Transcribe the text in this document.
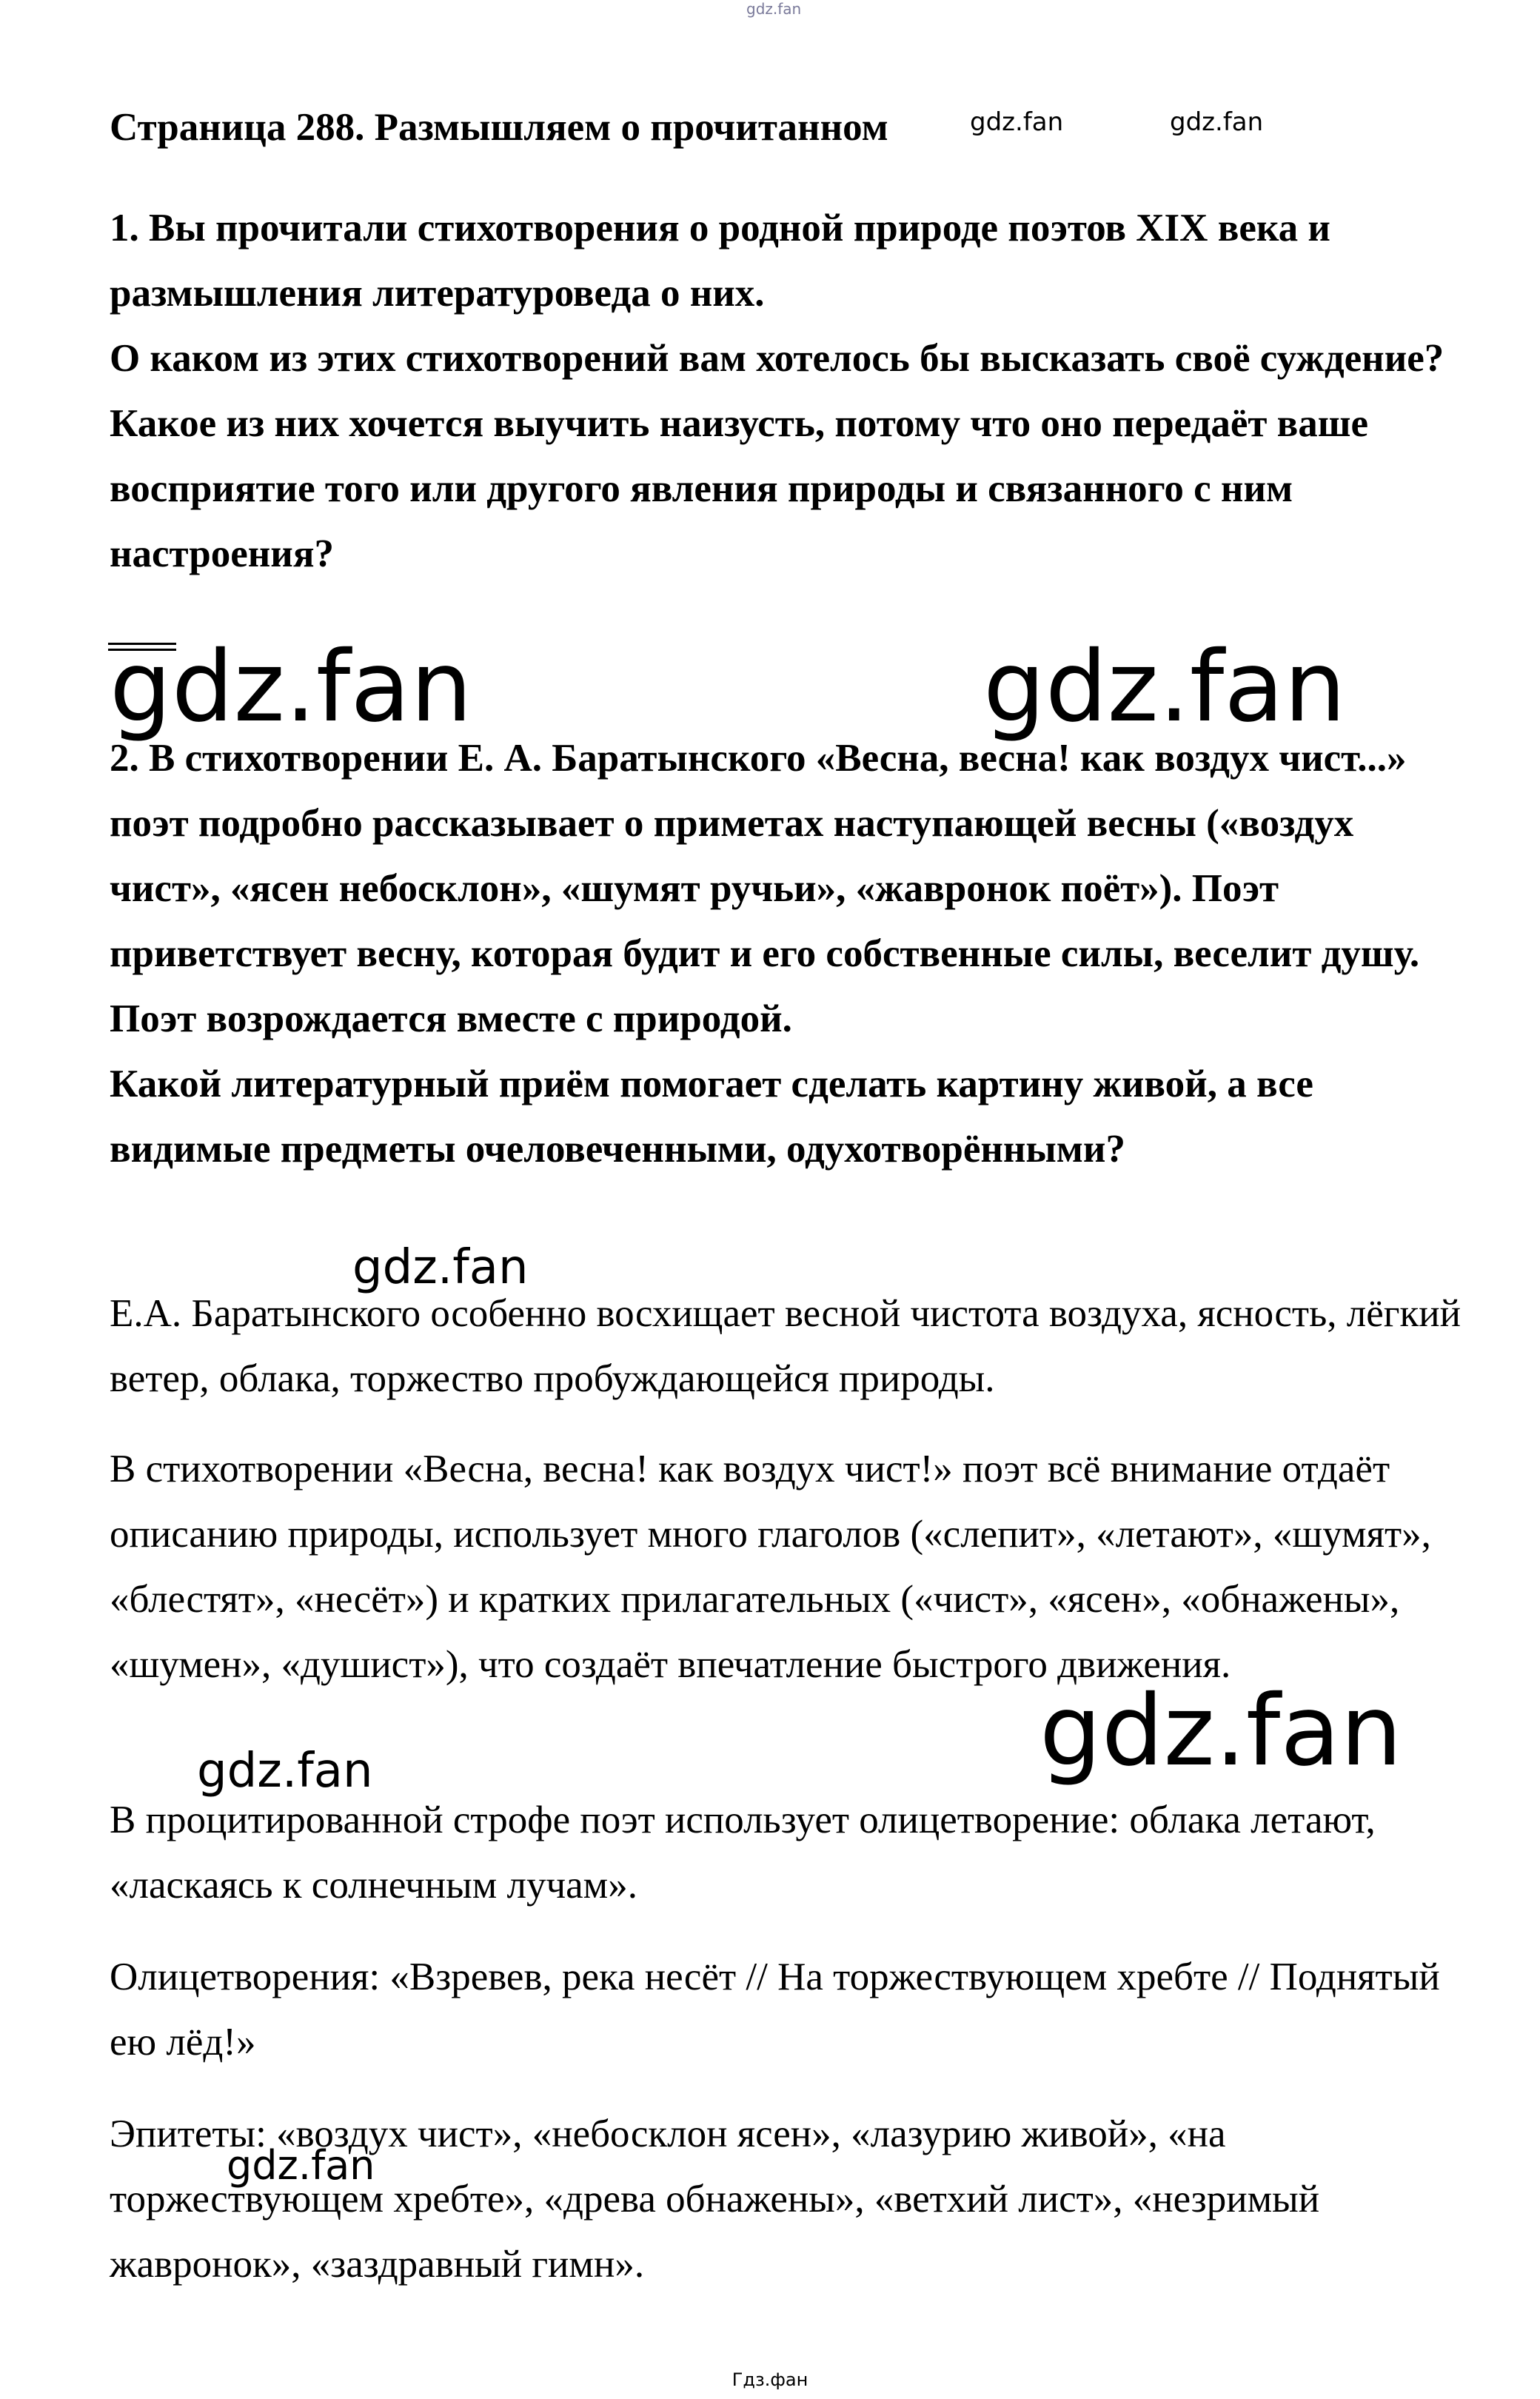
gdz.fan
Страница 288. Размышляем о прочитанном	gdz.fan	gdz.fan

1. Вы прочитали стихотворения о родной природе поэтов XIX века и размышления литературоведа о них.

О каком из этих стихотворений вам хотелось бы высказать своё суждение? Какое из них хочется выучить наизусть, потому что оно передаёт ваше восприятие того или другого явления природы и связанного с ним настроения?

gdz.fan	gdz.fan

2. В стихотворении Е. А. Баратынского «Весна, весна! как воздух чист...» поэт подробно рассказывает о приметах наступающей весны («воздух чист», «ясен небосклон», «шумят ручьи», «жавронок поёт»). Поэт приветствует весну, которая будит и его собственные силы, веселит душу. Поэт возрождается вместе с природой.

Какой литературный приём помогает сделать картину живой, а все видимые предметы очеловеченными, одухотворёнными?

gdz.fan
Е.А. Баратынского особенно восхищает весной чистота воздуха, ясность, лёгкий ветер, облака, торжество пробуждающейся природы.
В стихотворении «Весна, весна! как воздух чист!» поэт всё внимание отдаёт описанию природы, использует много глаголов («слепит», «летают», «шумят», «блестят», «несёт») и кратких прилагательных («чист», «ясен», «обнажены», «шумен», «душист»), что создаёт впечатление быстрого движения.
gdz.fan
gdz.fan
В процитированной строфе поэт использует олицетворение: облака летают, «ласкаясь к солнечным лучам».
Олицетворения: «Взревев, река несёт // На торжествующем хребте // Поднятый ею лёд!»
Эпитеты: «воздух чист», «небосклон ясен», «лазурию живой», «на торжествующем хребте», «древа обнажены», «ветхий лист», «незримый жавронок», «заздравный гимн».
gdz.fan
Гдз.фан
